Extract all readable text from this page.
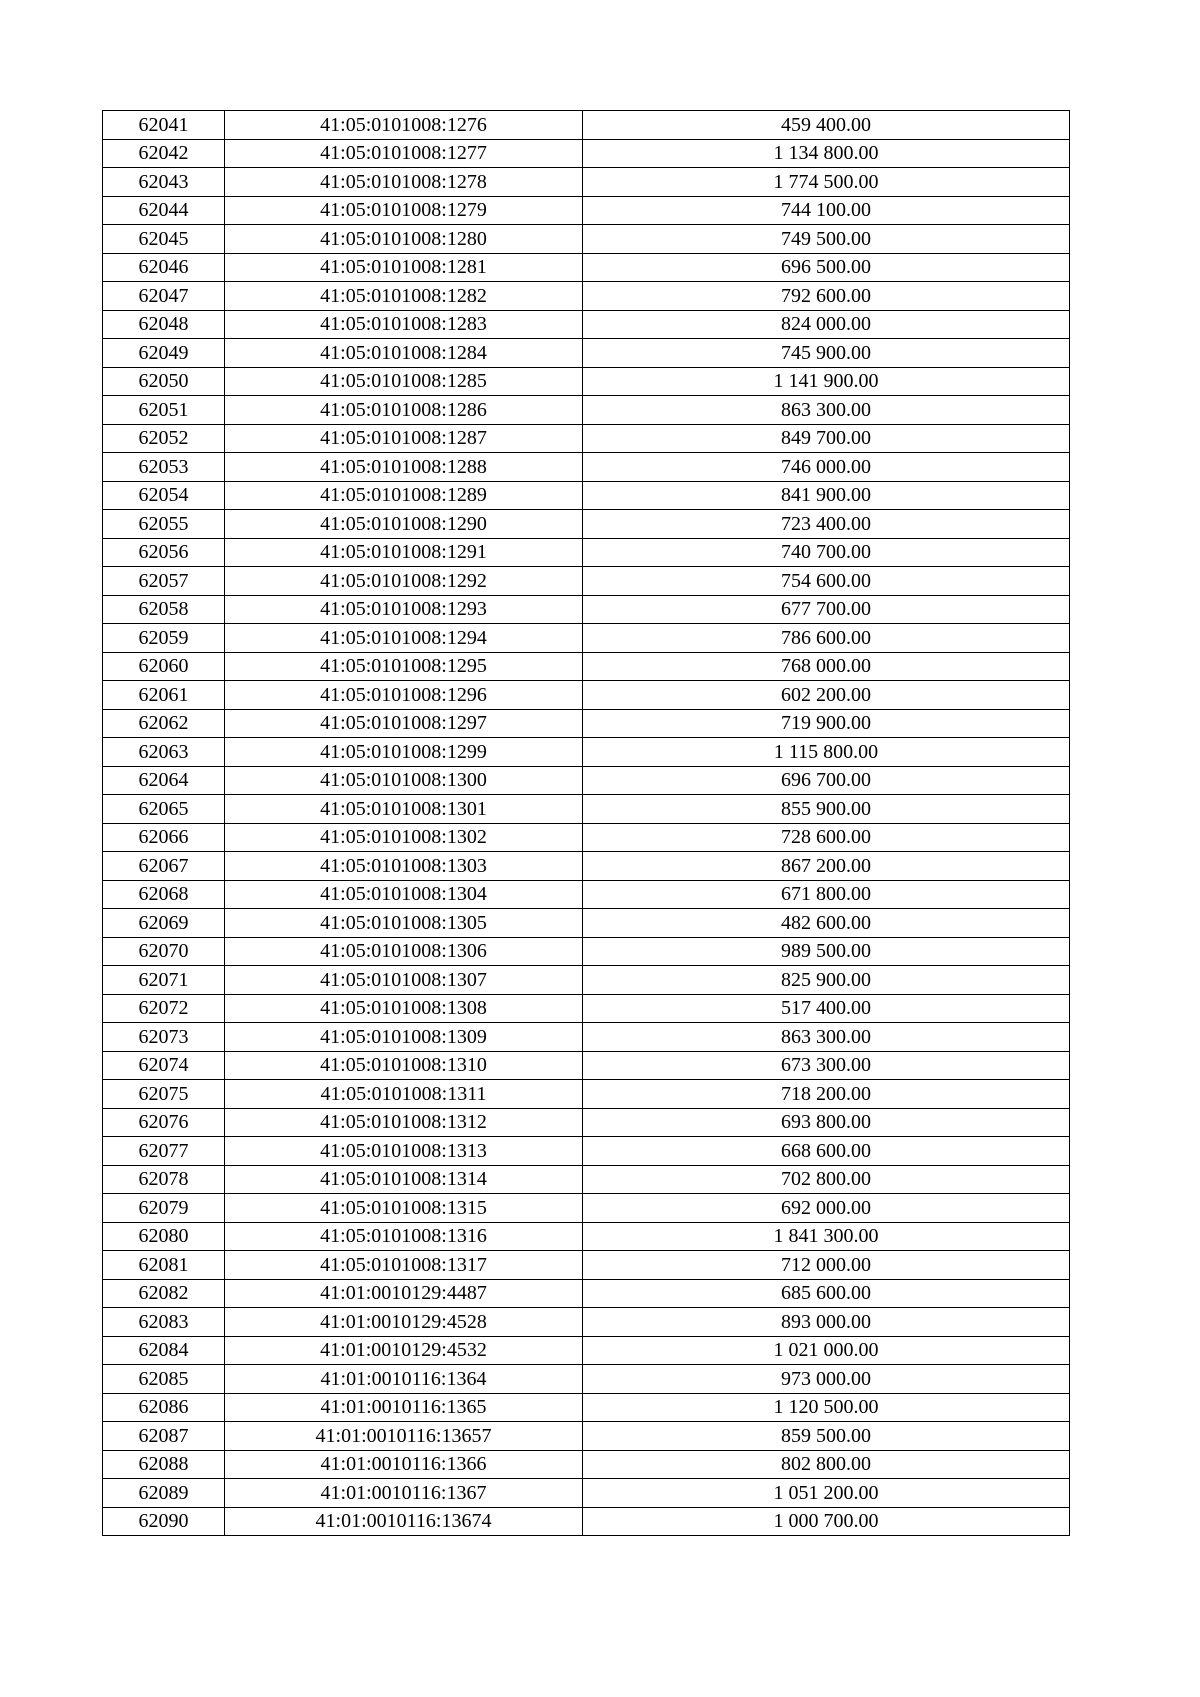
62041	41:05:0101008:1276	459 400.00
62042	41:05:0101008:1277	1 134 800.00
62043	41:05:0101008:1278	1 774 500.00
62044	41:05:0101008:1279	744 100.00
62045	41:05:0101008:1280	749 500.00
62046	41:05:0101008:1281	696 500.00
62047	41:05:0101008:1282	792 600.00
62048	41:05:0101008:1283	824 000.00
62049	41:05:0101008:1284	745 900.00
62050	41:05:0101008:1285	1 141 900.00
62051	41:05:0101008:1286	863 300.00
62052	41:05:0101008:1287	849 700.00
62053	41:05:0101008:1288	746 000.00
62054	41:05:0101008:1289	841 900.00
62055	41:05:0101008:1290	723 400.00
62056	41:05:0101008:1291	740 700.00
62057	41:05:0101008:1292	754 600.00
62058	41:05:0101008:1293	677 700.00
62059	41:05:0101008:1294	786 600.00
62060	41:05:0101008:1295	768 000.00
62061	41:05:0101008:1296	602 200.00
62062	41:05:0101008:1297	719 900.00
62063	41:05:0101008:1299	1 115 800.00
62064	41:05:0101008:1300	696 700.00
62065	41:05:0101008:1301	855 900.00
62066	41:05:0101008:1302	728 600.00
62067	41:05:0101008:1303	867 200.00
62068	41:05:0101008:1304	671 800.00
62069	41:05:0101008:1305	482 600.00
62070	41:05:0101008:1306	989 500.00
62071	41:05:0101008:1307	825 900.00
62072	41:05:0101008:1308	517 400.00
62073	41:05:0101008:1309	863 300.00
62074	41:05:0101008:1310	673 300.00
62075	41:05:0101008:1311	718 200.00
62076	41:05:0101008:1312	693 800.00
62077	41:05:0101008:1313	668 600.00
62078	41:05:0101008:1314	702 800.00
62079	41:05:0101008:1315	692 000.00
62080	41:05:0101008:1316	1 841 300.00
62081	41:05:0101008:1317	712 000.00
62082	41:01:0010129:4487	685 600.00
62083	41:01:0010129:4528	893 000.00
62084	41:01:0010129:4532	1 021 000.00
62085	41:01:0010116:1364	973 000.00
62086	41:01:0010116:1365	1 120 500.00
62087	41:01:0010116:13657	859 500.00
62088	41:01:0010116:1366	802 800.00
62089	41:01:0010116:1367	1 051 200.00
62090	41:01:0010116:13674	1 000 700.00
